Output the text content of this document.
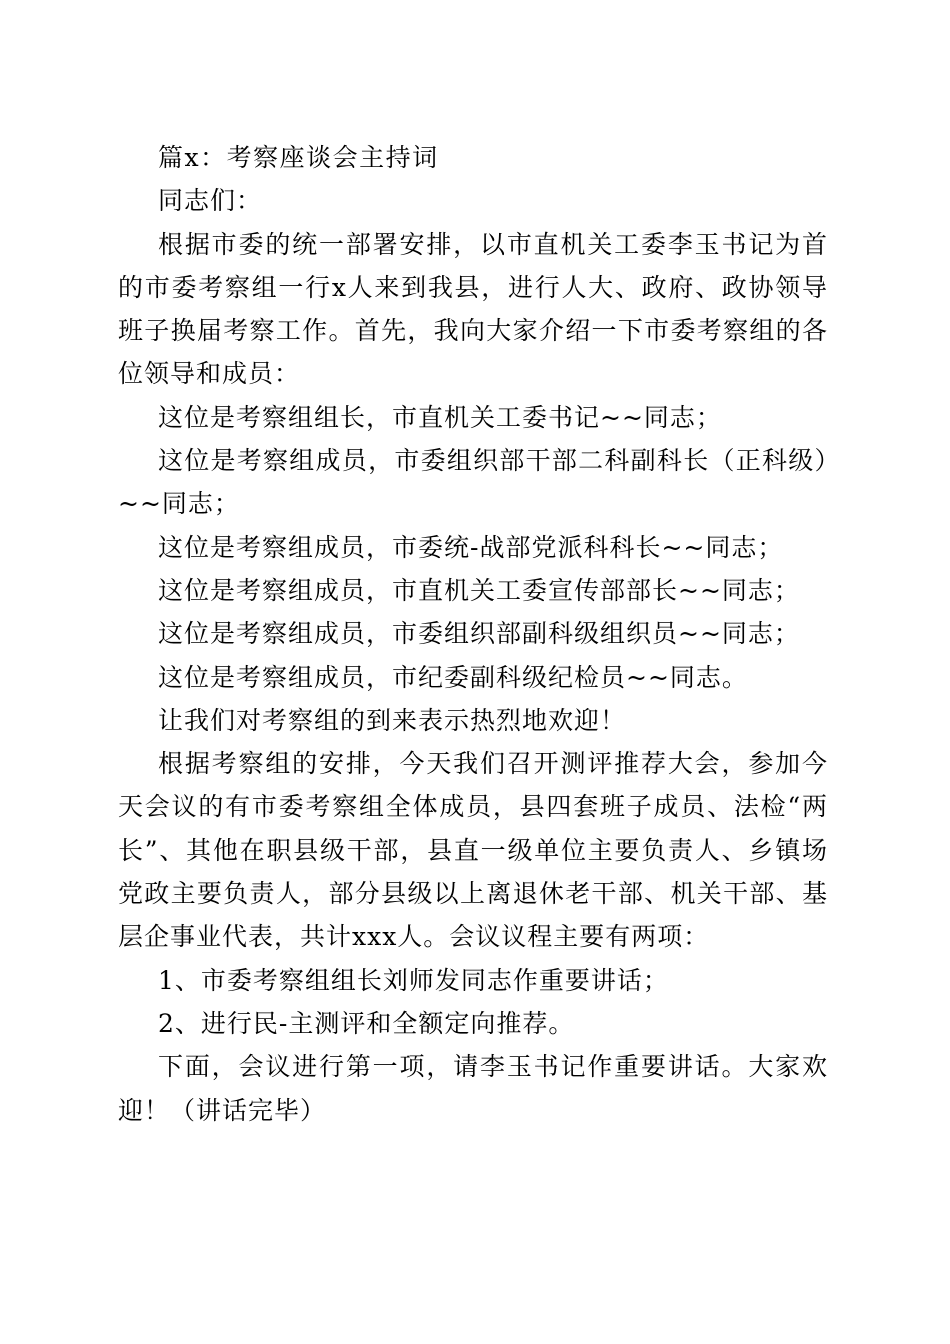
篇x：考察座谈会主持词

同志们：

根据市委的统一部署安排，以市直机关工委李玉书记为首的市委考察组一行x人来到我县，进行人大、政府、政协领导班子换届考察工作。首先，我向大家介绍一下市委考察组的各位领导和成员：

这位是考察组组长，市直机关工委书记~~同志；

这位是考察组成员，市委组织部干部二科副科长（正科级）~~同志；

这位是考察组成员，市委统-战部党派科科长~~同志；

这位是考察组成员，市直机关工委宣传部部长~~同志；

这位是考察组成员，市委组织部副科级组织员~~同志；

这位是考察组成员，市纪委副科级纪检员~~同志。

让我们对考察组的到来表示热烈地欢迎！

根据考察组的安排，今天我们召开测评推荐大会，参加今天会议的有市委考察组全体成员，县四套班子成员、法检“两长”、其他在职县级干部，县直一级单位主要负责人、乡镇场党政主要负责人，部分县级以上离退休老干部、机关干部、基层企事业代表，共计xxx人。会议议程主要有两项：

1、市委考察组组长刘师发同志作重要讲话；

2、进行民-主测评和全额定向推荐。

下面，会议进行第一项，请李玉书记作重要讲话。大家欢迎！（讲话完毕）
